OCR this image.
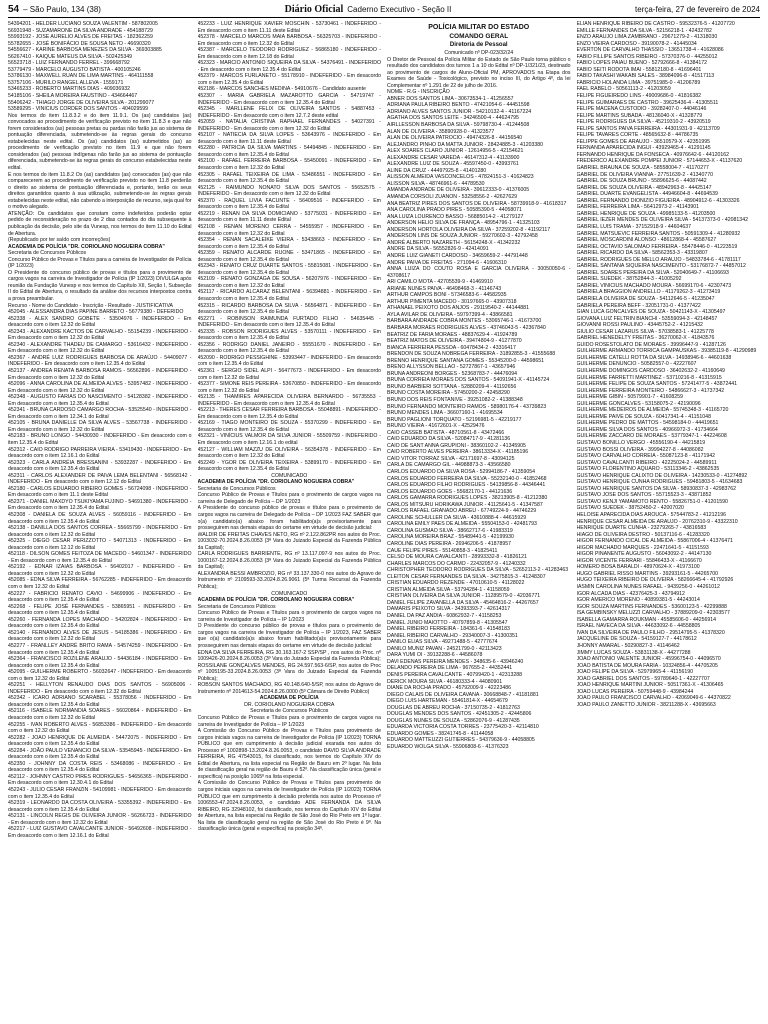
54 – São Paulo, 134 (38)	Diário Oficial Caderno Executivo - Seção II	terça-feira, 27 de fevereiro de 2024

54394201 - HELDER LUCIANO SOUZA VALENTIM - 587802005

56931948 - SUZAMARONE DA SILVA ANDRADE - 454188729

55993192 - JOSE AURELIO ALVES DE FREITAS - 182362259

55782655 - JOSÉ BONIFÁCIO DE SOUSA NETO - 46690320

54556627 - KARINE BARBOSA MENEZES DA SILVA - 369303885

56267410 - KAIQUE MATEUS DA SILVA - 502425349

56523718 - LUIZ FERNANDO FERREL - 399668792

53779479 - MARCELO AUGUSTO BATISTA - 400105246

53786130 - MAXWELL RUAN DE LIMA MARTINS - 464111558

53757106 - MURILO RANGEL ALLEVA - 1559171

53465233 - ROBERTO MARTINS DIAS - 409036932

54185106 - SHEILA MOREIRA FAUSTINO - 434664467

55406242 - THIAGO JORGE DE OLIVEIRA SILVA - 201299077

53589295 - VINICIUS CORDER DOS SANTOS - 404029599

Nos termos do item 11.8.3.2 e do item 11.9.1. Os (as) candidatos (as) convocados ao procedimento de verificação previsto no item 11.8.3 e que não forem considerados (as) pessoas pretas ou pardas não farão jus ao sistema de pontuação diferenciada, submetendo-se às regras gerais do concurso estabelecidas neste edital. Os (as) candidatos (as) submetidos (as) ao procedimento de verificação previsto no item 11.9 e que não forem considerados (as) pessoas indígenas não farão jus ao sistema de pontuação diferenciada, submetendo-se às regras gerais do concurso estabelecidas neste edital.

E nos termos do item 11.8.2 Os (as) candidatos (as) convocados (as) que não comparecerem ao procedimento de verificação previsto no item 11.8 perderão o direito ao sistema de pontuação diferenciada e, portanto, terão os seus direitos garantidos quanto à sua utilização, submetendo-se às regras gerais estabelecidas neste edital, não cabendo a interposição de recurso, seja qual for o motivo alegado.

ATENÇÃO: Os candidatos que constam como indeferidos poderão optar pedido de reconsideração no prazo de 2 dias contados do dia subsequente à publicação da decisão, pelo site da Vunesp, nos termos do item 11.10 do Edital de Abertura.

(Republicado por ter saído com incorreções)

ACADEMIA DE POLÍCIA "DR. CORIOLANO NOGUEIRA COBRA"

Secretaria de Concursos Públicos

Concurso Público de Provas e Títulos para a carreira de Investigador de Polícia (IP 1/2023)

O Presidente do concurso público de provas e títulos para o provimento de cargos vagos na carreira de Investigador de Polícia (IP 1/2023) DIVULGA após reunião da Fundação Vunesp e nos termos do Capítulo XII, Seção I, Subseção II do Edital de Abertura, o resultado da análise dos recursos interpostos contra a prova preambular.

Recurso - Nome do Candidato - Inscrição - Resultado - JUSTIFICATIVA

452045 - ALESSANDRA DIAS PAPINE BARRETO - 56779380 - DEFERIDO

452338 - ALEX SANDRO GOBETE - 53504976 - INDEFERIDO - Em desacordo com o item 12.32 do Edital

452343 - ALEXANDRE KACTOS DE CARVALHO - 55154239 - INDEFERIDO - Em desacordo com o item 12.32 do Edital

452340 - ALEXANDRE THADEU DE CAMARGO - 53616432 - INDEFERIDO - Em desacordo com o item 12.32 do Edital

452367 - ANDRÉ LUIZ RODRIGUES BARBOSA DE ARAÚJO - 54409077 - INDEFERIDO - Em desacordo com o item 12.35.4 do Edital

452137 - ANDREA RENATA BARBOSA RAMOS - 56562896 - INDEFERIDO - Em desacordo com o item 12.32 do Edital

452096 - ANNA CAROLINA DE ALMEIDA ALVES - 53957482 - INDEFERIDO - Em desacordo com o item 12.32 do Edital

452348 - AUGUSTO FARIAS DO NASCIMENTO - 54128382 - INDEFERIDO - Em desacordo com o item 12.35.4 do Edital

452341 - BRUNA CARDOSO CAMARGO ROCHA - 53525540 - INDEFERIDO - Em desacordo com o item 12.34.1 do Edital

452105 - BRUNA DANIELLE DA SILVA ALVES - 53567738 - INDEFERIDO - Em desacordo com o item 12.32 do Edital

452183 - BRUNO LONGO - 54430930 - INDEFERIDO - Em desacordo com o item 12.35.4 do Edital

452312 - CAIO RODRIGO PARREIRA VIEIRA - 53419430 - INDEFERIDO - Em desacordo com o item 12.16.1 do Edital

452323 - CARLA ANDRÉIA BRESSANINI - 53932287 - INDEFERIDO - Em desacordo com o item 12.35.4 do Edital

452311 - CARLOS ALEXANDER DE PAIVA LEMA BELENTANI - 56568142 - INDEFERIDO - Em desacordo com o item 12.12 do Edital

452180 - CARLOS EDUARDO RIBEIRO GOMES - 56724098 - INDEFERIDO - Em desacordo com o item 11.1 deste Edital

452371 - DANIEL MAXDYO TSUKIYAMA FUJINO - 54691380 - INDEFERIDO - Em desacordo com o item 12.35.4 do Edital

452308 - DANIELA DE SOUZA ALVES - 56059116 - INDEFERIDO - Em desacordo com o item 12.35.4 do Edital

452138 - DANILLA DOS SANTOS CORREA - 55665799 - INDEFERIDO - Em desacordo com o item 12.32 do Edital

452325 - DIEGO CESAR PERIZZOTTO - 54071313 - INDEFERIDO - Em desacordo com o item 12.12 do Edital

452118 - DILSON GOMES FEITOZA DE MACEDO - 54601347 - INDEFERIDO - Em desacordo com o item 12.35.4 do Edital

452192 - EDNAR IZAIAS BARBOSA - 56402017 - INDEFERIDO - Em desacordo com o item 12.32 do Edital

452085 - EDNA SILVA FERREIRA - 56762285 - INDEFERIDO - Em desacordo com o item 12.32 do Edital

452227 - FABRICIO RENATO CAVIO - 54699906 - INDEFERIDO - Em desacordo com o item 12.35.4 do Edital

452268 - FELIPE JOSÉ FERNANDES - 53865951 - INDEFERIDO - Em desacordo com o item 12.35.4 do Edital

452260 - FERNANDA LOPES MACHADO - 54202824 - INDEFERIDO - Em desacordo com o item 12.35.4 do Edital

452140 - FERNANDO ALVES DE JESUS - 54185386 - INDEFERIDO - Em desacordo com o item 12.32 do Edital

452277 - FRANLLEY ANDRÉ BRITO RAMA - 54574259 - INDEFERIDO - Em desacordo com o item 12.35.4 do Edital

452364 - FRANCISCO ROZILENE ARAUJO - 54436184 - INDEFERIDO - Em desacordo com o item 12.35.4 do Edital

452095 - GUILHERME ROBERTO - 56032647 - INDEFERIDO - Em desacordo com o item 12.32 do Edital

452251 - HELLYTON RENAUDO DIAS DOS SANTOS - 56905006 - INDEFERIDO - Em desacordo com o item 12.32 do Edital

452342 - ICARO ADRIANO SCARABEL - 55378056 - INDEFERIDO - Em desacordo com o item 12.35.4 do Edital

452116 - ISABELE NORMANDIA SOARES - 56020864 - INDEFERIDO - Em desacordo com o item 12.32 do Edital

452255 - IVAN ROBERTO ALVES - 56853386 - INDEFERIDO - Em desacordo com o item 12.32 do Edital

452282 - JOAO HENRIQUE DE ALMEIDA - 54472075 - INDEFERIDO - Em desacordo com o item 12.35.4 do Edital

452284 - JOÃO PAULO VENANCIO DA SILVA - 53545945 - INDEFERIDO - Em desacordo com o item 12.35.4 do Edital

452350 - JOHNNY DA COSTA REIS - 53468086 - INDEFERIDO - Em desacordo com o item 12.35.4 do Edital

452112 - JOHNNY CASTRO PIRES RODRIGUES - 54656365 - INDEFERIDO - Em desacordo com o item 12.30.4.1 do Edital

452243 - JULIO CESAR FRANZIN - 54109981 - INDEFERIDO - Em desacordo com o item 12.35.4 do Edital

452319 - LEONARDO DA COSTA OLIVEIRA - 53355392 - INDEFERIDO - Em desacordo com o item 12.35.4 do Edital

452131 - LINCOLN REGIS DE OLIVEIRA JUNIOR - 56266723 - INDEFERIDO - Em desacordo com o item 12.32 do Edital

452217 - LUIZ GUSTAVO CAVALCANTE JUNIOR - 56492608 - INDEFERIDO - Em desacordo com o item 12.16.1 do Edital

452233 - LUIZ HENRIQUE XAVIER MOSCHIN - 53730461 - INDEFERIDO - Em desacordo com o item 11.11 deste Edital

452378 - MARCELO MARCOS MAIA BARBOSA - 56325703 - INDEFERIDO - Em desacordo com o item 12.32 do Edital

452387 - MARCELO TEODORO RODRIGUEZ - 56865180 - INDEFERIDO - Em desacordo com o item 12.18 do Edital

452323 - MARCIO ANTONIO SIQUEIRA DA SILVA - 54376491 - INDEFERIDO - Em desacordo com o item 12.35.4 do Edital

452379 - MARCOS FURLANETO - 55178910 - INDEFERIDO - Em desacordo com o item 12.35.4 do Edital

452186 - MARCOS SANCHES MEDINA - 54910676 - Candidato ausente

452307 - MARIA GABRIELA MAZAROTTO GARCIA - 54719747 - INDEFERIDO - Em desacordo com o item 12.35.4 do Edital

452345 - MARLLENE FELIX DE OLIVEIRA SANTOS - 54887453 - INDEFERIDO - Em desacordo com o item 12.7.2 deste edital

452059 - NATALIA CRISTINA RAPHAEL FERNANDES - 54027391 - INDEFERIDO - Em desacordo com o item 12.32 do Edital

452107 - NATIECIA DA SILVA LOPES - 53643976 - INDEFERIDO - Em desacordo com o item 11.11 deste Edital

452280 - PATRICIA DA SILVA MARTINS - 54494845 - INDEFERIDO - Em desacordo com o item 12.35.4 do Edital

452100 - RAFAEL FERREIRA BARBOSA - 55450091 - INDEFERIDO - Em desacordo com o item 12.32 do Edital

452305 - RAFAEL TEIXEIRA DE LIMA - 53486551 - INDEFERIDO - Em desacordo com o item 12.35.4 do Edital

452125 - RAIMUNDO NONATO SILVA DOS SANTOS - 55652575 - INDEFERIDO - Em desacordo com o item 12.32 do Edital

452370 - RAQUEL LIVIA FACUNTE - 56409516 - INDEFERIDO - Em desacordo com o item 12.35.4 do Edital

452219 - RENAN DA SILVA DOMICIANO - 53775031 - INDEFERIDO - Em desacordo com o item 11.11 deste Edital

452108 - RENAN MORENO CERRA - 54555957 - INDEFERIDO - Em desacordo com o item 12.32 do Edital

452354 - RENAN SACALEIKE VIEIRA - 53438663 - INDEFERIDO - Em desacordo com o item 12.35.4 do Edital

452359 - RENATO ALCARDE RUONE - 53471865 - INDEFERIDO - Em desacordo com o item 12.35.4 do Edital

452343 - RENATO CRUZ DUARTE SANTOS - 55815081 - INDEFERIDO - Em desacordo com o item 12.35.4 do Edital

452109 - RENATO GONZAGA DE SOUSA - 56207976 - INDEFERIDO - Em desacordo com o item 12.32 do Edital

452117 - RICARDO ALCARAZ BELENTANI - 56394881 - INDEFERIDO - Em desacordo com o item 12.35.4 do Edital

452315 - RICARDO BARBOSA DA SILVA - 56564871 - INDEFERIDO - Em desacordo com o item 12.35.4 do Edital

452271 - ROBINSON RAIMUNDA FURTADO FILHO - 54635445 - INDEFERIDO - Em desacordo com o item 12.35.4 do Edital

452335 - ROBSON RODRIGUES ALVES - 53570111 - INDEFERIDO - Em desacordo com o item 12.35.4 do Edital

452356 - RODRIGO DANIEL JANEIRO - 55551670 - INDEFERIDO - Em desacordo com o item 12.35.4 do Edital

452090 - RODRIGO PESSIGHINE - 53993447 - INDEFERIDO - Em desacordo com o item 12.35.4 do Edital

452361 - SERGIO SIDEL ALPI - 56477673 - INDEFERIDO - Em desacordo com o item 12.32 do Edital

452377 - SIMONE REIS PEREIRA - 53670850 - INDEFERIDO - Em desacordo com o item 12.32 do Edital

452135 - THAMIRES APARECIDA OLIVEIRA BERNARDO - 56735553 - INDEFERIDO - Em desacordo com o item 12.35.4 do Edital

452213 - THERES CESAR FERREIRA BARBOSA - 55048891 - INDEFERIDO - Em desacordo com o item 12.35.4 do Edital

452169 - TIAGO MONTEIRO DE SOUZA - 55370299 - INDEFERIDO - Em desacordo com o item 12.35.4 do Edital

452321 - VINÍCIUS VALMOR DA SILVA JUNIOR - 55509759 - INDEFERIDO - Em desacordo com o item 12.16.1 do edital

452127 - WILLIAM MAZZU DE OLIVEIRA - 56354378 - INDEFERIDO - Em desacordo com o item 12.32 do Edital

452249 - YGOR DE OLIVEIRA TEIXEIRA - 53899170 - INDEFERIDO - Em desacordo com o item 12.35.4 do Edital

COMUNICADO

ACADEMIA DE POLÍCIA "DR. CORIOLANO NOGUEIRA COBRA"

Secretaria de Concursos Públicos

Concurso Público de Provas e Títulos para o provimento de cargos vagos na carreira de Delegado de Polícia – DP 1/2023

A Presidente do concurso público de provas e títulos para o provimento de cargos vagos na carreira de Delegado de Polícia – DP 1/2023 FAZ SABER que o(a) candidato(a) abaixo foram habilitado(a)s provisoriamente para prosseguirem nas demais etapas do certame em virtude de decisão judicial:

WALDIR DE FREITAS CHAVES NETO, RG nº 2.122.862PR nos autos do Proc. 1003032-70.2024.8.26.0053 (3ª Vara do Juizado Especial da Fazenda Pública da Capital);

CARLA RODRIGUES BARRIENTE, RG nº 13.117.097-9 nos autos do Proc. 1000167-12.2024.8.26.0053 (3ª Vara do Juizado Especial da Fazenda Pública da Capital);

ALEXANDRA BESSI AMBROZIO, RG nº 33.137.330-0 nos autos do Agravo de Instrumento nº 2109593-33.2024.8.26.9061 (5ª Turma Recursal da Fazenda Pública);

COMUNICADO

ACADEMIA DE POLÍCIA "DR. CORIOLANO NOGUEIRA COBRA"

Secretaria de Concursos Públicos

Concurso Público de Provas e Títulos para o provimento de cargos vagos na carreira de Investigador de Polícia – IP 1/2023

O Presidente do concurso público de provas e títulos para o provimento de cargos vagos na carreira de Investigador de Polícia – IP 1/2023, FAZ SABER que o(a) candidato(a)s abaixo foram habilitado(a)s provisoriamente para prosseguirem nas demais etapas do certame em virtude de decisão judicial:

EDNA DA SILVA FERREIRA, RG 30.163.167-2 SSP/SP , nos autos do Proc. nº 1009426-20.2024.8.26.0053 (3º Vara do Juizado Especial da Fazenda Pública);

ROSSILANE GONÇALVES MENDES, RG 24.597.563-6/SP, nos autos do Proc nº 1005195-33.2024.8.26.0053 (3ª Vara do Juizado Especial da Fazenda Pública);

ROBSON SANTOS MACHADO, RG 40.148.640-5/SP, nos autos do Agravo de Instrumento nº 2014613-54.2024.8.26.0000 (5º Câmara de Direito Público)

ACADEMIA DE POLÍCIA

DR. CORIOLANO NOGUEIRA COBRA

Secretaria de Concursos Públicos

Concurso Público de Provas e Títulos para o provimento de cargos vagos na carreira de Investigador de Polícia – IP 1/2023

A Comissão do Concurso Público de Provas e Títulos para provimento de cargos iniciais vagos na carreira de Investigador de Polícia (IP 1/2023) TORNA PÚBLICO que em cumprimento à decisão judicial exarada nos autos do Processo nº 1002898-13.2024.8.26.0053, o candidato DAVID SILVA ANDRADE FERREIRA, RG 47543015, foi classificado, nos termos do Capítulo XIV do Edital de Abertura, na lista especial na Região de Bauru em 2º lugar. Na lista de classificação geral na região de Bauru é 52º. Na classificação única (geral e específica) na posição 1065º na lista especial.

A Comissão do Concurso Público de Provas e Títulos para provimento de cargos iniciais vagos na carreira de Investigador de Polícia (IP 1/2023) TORNA PÚBLICO que em cumprimento à decisão proferida nos autos do Processo nº 1006553-47.2024.8.26.0053, o candidato ADE FERNANDA DA SILVA RIBEIRO, RG 32948102, foi classificado, nos termos do Capítulo XIV do Edital de Abertura, na lista especial na Região de São José do Rio Preto em 1º lugar. Na lista de classificação geral na região de São José do Rio Preto é 9º. Na classificação única (geral e específica) na posição 34º.

POLÍCIA MILITAR DO ESTADO

COMANDO GERAL

Diretoria de Pessoal

Comunicado nº DP-023/32/24

O Diretor de Pessoal da Polícia Militar do Estado de São Paulo torna público o resultado dos candidatos dos turnos 1 a 10 do Edital nº DP-1/321/23, destinado ao provimento de cargos de Aluno-Oficial PM, APROVADOS na Etapa dos Exames de Saúde - Toxicológico, previsto no inciso III, do Artigo 4º, da lei Complementar nº 1.291 de 22 de julho de 2016.

NOME - R.G - INSCRIÇÃO

ABNER DOS SANTOS LIMA - 30673534-1 - 41256557

ADRIANA PAULA RIBEIRO BENTO - 47421054-6 - 44451598

ADRIANO ALVES SANTOS JUNIOR - 54210132-4 - 41167224

AGATHA DOS SANTOS LEITE - 34246500-4 - 44624795

AIRLLESSON BARBOSA DA SILVA - 59798730-4 - 41244508

ALAN DE OLIVEIRA - 35890928-0 - 41323577

ALAN DE OLIVEIRA PATROCIO - 49474326-8 - 44156540

ALEJANDRO PINHO DA MATTA JUNIOR - 28424885-3 - 41203380

ALEX SOARES CLARO JUNIOR - 12614956-5 - 42154621

ALEXANDRE CESAR VAREDA - 46147312-4 - 41133900

ALEXANDRE LUIZ DE SOUZA - 45597450-0 - 43993761

ALINE DA CRUZ - 44497925-8 - 41401280

ALISSON ALMEIDA VASCONCELOS - 47824151-3 - 41624823

ALISSON SILVA - 48746961-6 - 44789530

AMANDA ANDRADE DE OLIVEIRA - 39612333-0 - 41376005

AMANDA CORSOLI ZUANON - 53258556-2 - 42627629

ANA BEATRIZ PIRES DOS SANTOS DE OLIVEIRA - 58739918-9 - 41618317

ANA CAROLINA PRADO PIRES - 50585390-5 - 44058071

ANA LUIZA LOURENCO BASSO - 56885014-2 - 41279127

ANDERSON HELIO SILVA DE FRANÇA - 48954796-1 - 41325103

ANDERSON HORTOLA OLIVEIRA DA SILVA - 37259202-8 - 41192117

ANDERSON LINS DE SOUZA JUNIOR - 59270602-3 - 42792458

ANDRÉ ALBERTO NAZARETH - 56154248-X - 41342232

ANDRE DA SILVA - 56552826-9 - 42414091

ANDRE LUIZ GIANETI CARDOSO - 34659659-2 - 44791448

ANDRE PAIVA DE FREITAS - 271094-6 - 41606310

ANNA LUIZA DO COUTO ROSA E GARCIA OLIVEIRA - 30050050-6 - 43708617

ARI CAMILO MOTA - 42705539-9 - 41469910

ARIANE NUNES PAIVA - 46498468-3 - 41146743

ARTHUR CAMPOS BONI - 57346583-6 - 44582935

ARTHUR PIMENTA MACEDO - 30197665-0 - 43907318

ATHANAEL PEIXOTO DOS ANJOS - 29119540-2 - 44144881

AYLA AVILAR DE OLIVEIRA - 59797399-4 - 43866581

BARBARA ANDRADE COBRA MONTES - 53065746-1 - 41673700

BARBARA MORAES RODRIGUES ALVES - 43746043-5 - 42367840

BEATRIZ DE FARIA MORAES - 48837629-4 - 41924789

BEATRIZ MATOS DE OLIVEIRA - 39474804-9 - 41277870

BIANCA FERREIRA PESSOA - 60478434-2 - 43316417

BRENDON DE SOUZA NOBREGA FERREIRA - 31892855-3 - 41555688

BRENNO HENRIQUE SANTANA GOMES - 55345200-0 - 44598651

BRENO ALLYSSON BELLAO - 52727867-1 - 43657946

BRUNA ANDREONI BORGES - 52368783-7 - 44476094

BRUNA CORREIA MORAES DOS SANTOS - 54091941-X - 41145724

BRUNO BARBIERI SOTTANA - 52880209-4 - 41192656

BRUNO COSTA MOREIRA - 57450200-2 - 42458290

BRUNO DOS REIS FONTANIVE - 39251082-2 - 41388348

BRUNO FERNANDO MONTEIRO RAMOS - 58980176-4 - 43739823

BRUNO MENDES LIMA - 36607160-1 - 41695534

BRUNO PAGLIONI TORQUATO - 52196981-5 - 42219177

BRUNO VIEIRA - 41672601-X - 42529476

CAIO CASSEB BATISTA - 48710561-8 - 43472466

CAIO EDUARDO DA SILVA - 52084717-9 - 41281136

CAIO DE SANT ANNA GRUPIONI - 38360102-2 - 41345905

CAIO ROBERTO ALVES PEREIRA - 38613334-X - 41185196

CAIO VITOR TORRAZ SILVA - 42171697-8 - 43094125

CARLA DE CAMARGO GIL - 44988873-3 - 43566580

CARLOS EDUARDO DA SILVA ROSA - 52994186-7 - 41359054

CARLOS EDUARDO FERREIRA DA SILVA - 55232140-0 - 41852468

CARLOS EDUARDO FILHO RODRIGUES - 54139856-8 - 44346441

CARLOS EDUARDO GOES - 55682170-1 - 44121636

CARLOS GAMARRA RODRIGUES LOPES - 38213905-8 - 41212380

CARLOS MITSURU HORIKAWA JUNIOR - 41125641-5 - 41347587

CARLOS RAFAEL GRANADO ABREU - 67749224-9 - 44746229

CAROLINE SCHULLER DA SILVA - 43610888-4 - 44615929

CAROLINA EMILY PAES DE ALMEIDA - 55504153-0 - 42481793

CAROLINA GUSMAO SILVA - 38662717-6 - 41983319

CAROLINA MOREIRA BRAZ - 55489441-5 - 42199930

CAROLINE DIAS PEREIRA - 26946206-5 - 41878957

CAUE FELIPE PIRES - 55140858-3 - 41825411

CELSO DE MOURA CAVALCANTI - 28993332-8 - 41826121

CHARLES MARCOS DO CARMO - 22432057-9 - 41240332

CHRISTOPHER TEODORO RODRIGUES DA SILVA - 52652113-2 - 41283463

CLEITON CESAR FERNANDES DA SILVA - 34275815-3 - 41248307

CRISTIAN EDUARDO REZENDE - 47010610-5 - 41128022

CRISTIAN ALMEIDA SILVA - 53794284-1 - 41158059

CRISTIAN OLIVEIRA DA SILVA JUNIOR - 11289579-0 - 42036771

DANIEL FELIPE ZAVANELLA DA SILVA - 45464816-2 - 44267657

DAMARIS PEIXOTO SILVA - 34393393-7 - 42614317

DANIEL DA PAZ ANDIA - 60862932-7 - 41158253

DANIEL JUNIO MAIOTTO - 40797859-8 - 41305547

DANIEL RIBEIRO FERREIRA - 184361-6 - 41548183

DANIEL RIBEIRO CARVALHO - 29340007-3 - 41300351

DANILO ELIAS SILVA - 49271488-5 - 42777674

DANILO MUNIZ PAVAN - 24521799-0 - 42113423

DARA YUMI OI - 39132288-6 - 44586078

DAVI EDENAS PEREIRA MENDES - 348635-6 - 43946240

DELANDO PEREIRA DE LIMA - 967655-2 - 44352441

DENIS PEREIRA CAVALCANTE - 40799420-1 - 42313288

DERICK MOURA SILVA - 46180333-4 - 44080901

DIANE DA ROCHA PRADO - 45792009-9 - 42223486

DIEGO CALAIS DE OLIVEIRA CAVANA - 30668848-7 - 41181881

DIEGO LUIS HARTEMAN - 55461814-X - 44654679

DOUGLAS DE ABREU ROCHA - 37150735-2 - 41812763

DOUGLAS MENDES DOS SANTOS - 42451305-2 - 42445806

DOUGLAS NUNES DE SOUZA - 52862076-9 - 41287435

EDUARDA VICTORIA COSTA TORRES - 23775420-3 - 42114810

EDUARDO GOMES - 38241745-8 - 41144058

EDUARDO MATTEUZZI GUTIERRES - 54379636-9 - 44058805

EDUARDO WOLGA SILVA - 55906808-6 - 41376323

ELIAN HENRIQUE RIBEIRO DE CASTRO - 59532376-5 - 41207720

EMILLE FERNANDES DA SILVA - 52156218-1 - 42432782

ENZO ARAUJO LIMA ZAMBRANO - 29671279-2 - 41318030

ENZO VIEIRA CARDOSO - 39190078-2 - 41445034

EVERTON DE CARVALHO THASSIO - 13651738-4 - 41628086

FABIO FILLIPE SANTOS RIBEIRO - 57370376-0 - 44255012

FABIO LOPES PAIAU BUENO - 52792666-8 - 41384172

FABIO SEITI RODOTA IMAI - 55812180-8 - 41696401

FABIO TAKASHI WAKABI SALES - 38984096-8 - 41517113

FABRICIO HOLANDA LIMA - 39751985-0 - 41206789

FAEL RABELO - 50561113-2 - 41203059

FELIPE FIGUEIREDO LINS - 49009686-0 - 41816382

FELIPE GUIMARAES DE CASTRO - 39625436-4 - 41305511

FELIPE MACENA CUSTODIO - 39282407-0 - 44046146

FELIPE MARTINS SUBADA - 48136040-X - 41328779

FELIPE RODRIGUES DA SILVA - 45219310-2 - 43920519

FELIPE SANTOS PAIVA FERREIRA - 44301931-9 - 42113709

FELIPE TAVARES CORTE - 48565632-8 - 44786735

FELIPPE GOMES DE ARAUJO - 36510579-X - 42351995

FERNANDA APARECIDA INGUI - 43929465-4 - 41291145

FERNANDO HENRIQUE DA FONSECA - 40976642-6 - 44120162

FREDERICO ALEXANDRE POMPEI JUNIOR - 57144653-X - 41137620

GABRIEL BRAUNA DE SOUZA - 58558004-7 - 41170277

GABRIEL DE OLIVEIRA VIANNA - 27751639-2 - 41340770

GABRIEL DE SOUZA BRUNO - 55896625-6 - 44087442

GABRIEL DE SOUZA OLIVEIRA - 48942963-8 - 44425147

GABRIEL DUARTE EVANGELISTA - 44946604-8 - 44694539

GABRIEL FERNANDO DIONIZIO FIGUEIRA - 48904912-6 - 41303326

GABRIEL FERREIRA LIMA - 56412973-2 - 41143901

GABRIEL HENRIQUE DE SOUZA - 49985133-5 - 41203500

GABRIEL IEZER MENDES DE OLIVEIRA SILVA - 54137373-0 - 42081342

GABRIEL LUIS TRAMA - 37152918-9 - 44604637

GABRIEL MATSUEVIC FERREIRA SANTOS - 50591309-4 - 41280932

GABRIEL MOSCARDINI ALONSO - 48612868-4 - 45587627

GABRIEL OCTAVIO SALOMAO FERREIRA - 55478446-0 - 41223519

GABRIEL RICARDO DA SILVA - 58562353-3 - 43319807

GABRIEL RODRIGUES DE MELLO ARAUJO - 54833784-6 - 41781117

GABRIEL SANTANA SIQUEIRA NASCIMENTO - 53176872-7 - 44857012

GABRIEL SOARES PEREIRA DA SILVA - 52040649-7 - 41106693

GABRIEL SUEDEK - 38752844-3 - 41005292

GABRIEL VINICIUS MACHADO MOURA - 56699170-6 - 42307473

GABRIELA BRAGGION ANDRELLO - 41179262-3 - 41273419

GABRIELA OLIVEIRA DE SOUZA - 54112646-5 - 41235047

GABRIELA PEREIRA BEFF - 32051731-0 - 41377422

GIAN LUCA GONCALVES DE SOUZA - 50421143-X - 41305497

GIOVANA LUIZ FELTRIN BIANCHI - 53559094-3 - 42148457

GIOVANNI ROSSI PAULINO - 43445752-2 - 41215432

GIULIO CESAR LAZARUS SILVA - 57038583-1 - 41225778

GABRIEL HENEDELTY FREITAS - 36270062-X - 41843576

GUIDO ROSESTOLATO DE MORAES - 39996447-9 - 41287126

GUILHERME ARMANDO TORRICA GAMPAUSKAS - 39385119-8 - 41290989

GUILHERME CATELLI ROTTA DA SILVA - 14938946-6 - 44601638

GUILHERME DENUNCIO - 50582557-0 - 42227607

GUILHERME DOMINGOS CARDOSO - 36402632-2 - 41160649

GUILHERME FARRETTI MARTINEZ - 53710216-8 - 41315915

GUILHERME FELIPE DE SOUZA SANTOS - 57241477-5 - 43872441

GUILHERME FERREIRA MONTEIRO - 54866627-3 - 41737342

GUILHERME GIBIN - 50579901-7 - 41608259

GUILHERME GONCALVES - 53158075-2 - 42190096

GUILHERME MEDEIROS DE ALMEIDA - 55745348-3 - 41165720

GUILHERME PAIVE DE SOUZA - 60417341-4 - 41151048

GUILHERME PEDRO DE MATTOS - 54598184-0 - 44419651

GUILHERME SILVA DOS SANTOS - 40966972-3 - 41734664

GUILHERME ZACCARO DE MORAES - 53779347-1 - 44224608

GUSTAVO BONILLO VERGO - 45556190-4 - 44215819

GUSTAVO BOSSI OLIVEIRA - 39994227-8 - 44086082

GUSTAVO CARVALHO CORREIA - 55087123-8 - 41171942

GUSTAVO CAVALCANTI RIBEIRO - 42225024-2 - 44589911

GUSTAVO FLORENTINO AQUARO - 53113346-2 - 43862535

GUSTAVO HENRIQUE CALIXTO DE OLIVEIRA - 14230533-0 - 41274892

GUSTAVO HENRIQUE CUNHA RODRIGUES - 59481803-5 - 41634683

GUSTAVO HENRIQUE SANTOS DA SILVA - 58930837-3 - 42983762

GUSTAVO JOSE DOS SANTOS - 55715523-3 - 43871852

GUSTAVO KENJI YAMAMOTO RENTO - 55826751-0 - 41201590

GUSTAVO SUEDEK - 38752450-2 - 42007020

HELOISE APARECIDA DIAS AROUCA - 57544783-2 - 41212196

HENRIQUE CESAR ALMEIDA DE ARAUJO - 20762310-9 - 43322310

HENRIQUE DUARTE CUNHA - 23279265-7 - 43816583

HIAGO DE OLIVEIRA DESTRO - 50137116-6 - 41283320

HIGOR FERNANDO CICAL DE ALMEIDA - 55867006-4 - 41376471

HIGOR MACHADO MARQUES - 22471641-5 - 41151593

HIGOR PINANENTE AUGUSTO - 56043092-2 - 44147130

HIGOR VICENTE FERRARI - 55846433-X - 41166670

HOMERO BOSA BARALDI - 48970624-X - 41973100

HUGO GABRIEL RISSO MARTINS - 39293161-5 - 44265700

HUGO TEIXEIRA RIBEIRO DE OLIVEIRA - 58266645-4 - 41792926

IASMIN CAROLINA NUNES RAFAEL - 9439256-0 - 44261012

IGOR ALCADA DIAS - 42376425-3 - 43794912

IGOR AMERICO MORENO - 40899381-5 - 44243014

IGOR SOUZA MARTINS FERNANDES - 53600123-5 - 42299888

ISA GEMBINSKY MELUZZI CARVALHO - 37889209-0 - 42303577

ISABELLA GAMARRA ROUKMAN - 45585606-0 - 44256914

ISRAEL NAVECA DA SILVA - 44633092-6 - 44558805

IVAN DA SILVEIRA DE PAULO FILHO - 29514795-5 - 41378320

JACQUELINE DE SOUZA - 54159127-7 - 44178612

JHONNY AMARAL - 50290827-3 - 41146462

JIMMY LUCAS SOUZA - 53831138-X - 44277288

JOAO ANTONIO VALENTE JUNIOR - 45996754-0 - 44096570

JOAO BATISTA DE MOURA FARIA - 10324856-4 - 44705205

JOAO FELIPE DA SILVA - 52979965-4 - 41156190

JOAO GABRIEL DOS SANTOS - 59789640-1 - 42227707

JOAO HENRIQUE MARTINI JUNIOR - 50517361-X - 41306465

JOAO LUCAS PEREIRA - 50759448-9 - 43984244

JOAO PAULO FRANCISCO CARVALHO - 42069049-6 - 44370822

JOAO PAULO ZANETTO JUNIOR - 38211288-X - 43695663
